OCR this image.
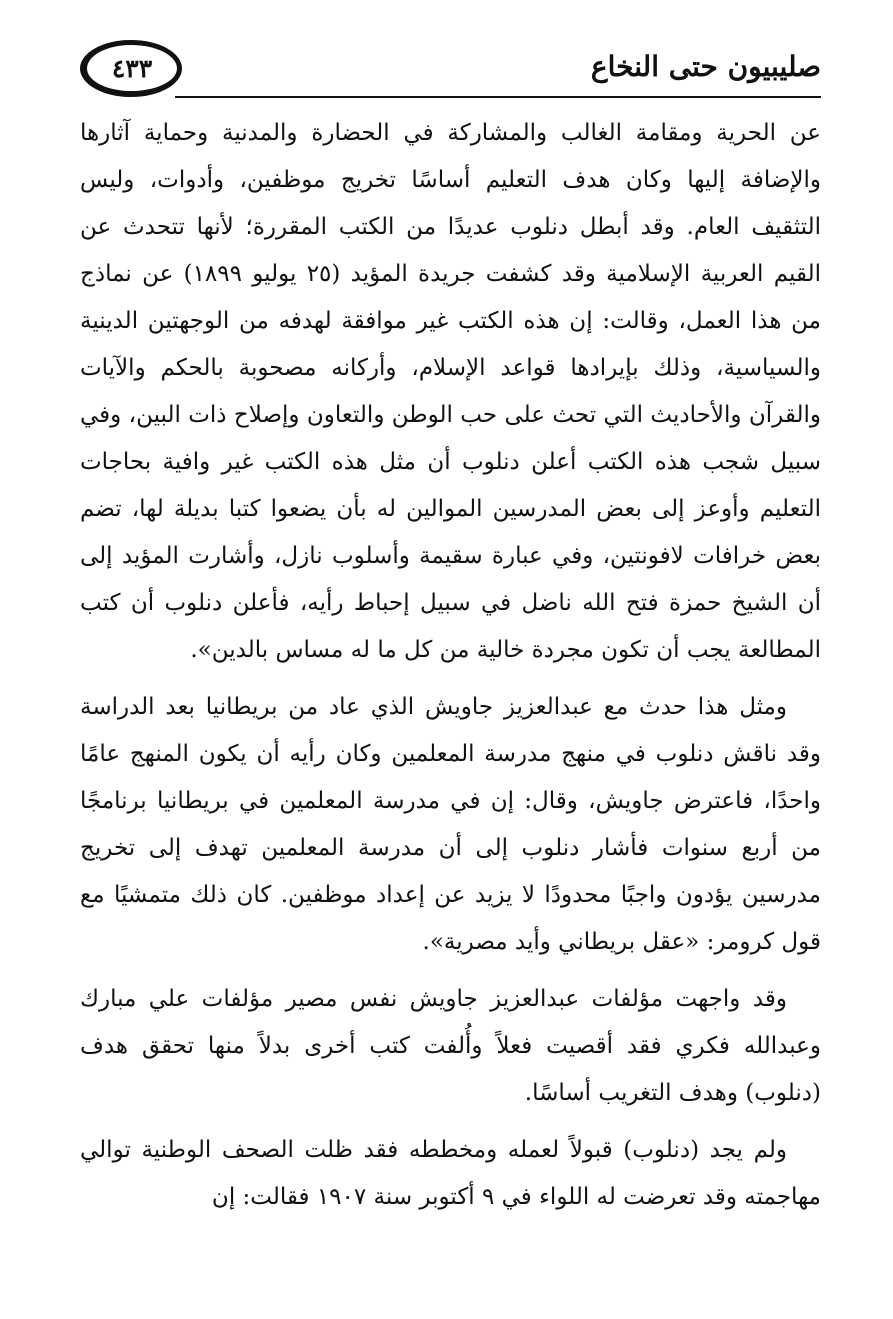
صليبيون حتى النخاع
٤٣٣

عن الحرية ومقامة الغالب والمشاركة في الحضارة والمدنية وحماية آثارها والإضافة إليها وكان هدف التعليم أساسًا تخريج موظفين، وأدوات، وليس التثقيف العام. وقد أبطل دنلوب عديدًا من الكتب المقررة؛ لأنها تتحدث عن القيم العربية الإسلامية وقد كشفت جريدة المؤيد (٢٥ يوليو ١٨٩٩) عن نماذج من هذا العمل، وقالت: إن هذه الكتب غير موافقة لهدفه من الوجهتين الدينية والسياسية، وذلك بإيرادها قواعد الإسلام، وأركانه مصحوبة بالحكم والآيات والقرآن والأحاديث التي تحث على حب الوطن والتعاون وإصلاح ذات البين، وفي سبيل شجب هذه الكتب أعلن دنلوب أن مثل هذه الكتب غير وافية بحاجات التعليم وأوعز إلى بعض المدرسين الموالين له بأن يضعوا كتبا بديلة لها، تضم بعض خرافات لافونتين، وفي عبارة سقيمة وأسلوب نازل، وأشارت المؤيد إلى أن الشيخ حمزة فتح الله ناضل في سبيل إحباط رأيه، فأعلن دنلوب أن كتب المطالعة يجب أن تكون مجردة خالية من كل ما له مساس بالدين».

ومثل هذا حدث مع عبدالعزيز جاويش الذي عاد من بريطانيا بعد الدراسة وقد ناقش دنلوب في منهج مدرسة المعلمين وكان رأيه أن يكون المنهج عامًا واحدًا، فاعترض جاويش، وقال: إن في مدرسة المعلمين في بريطانيا برنامجًا من أربع سنوات فأشار دنلوب إلى أن مدرسة المعلمين تهدف إلى تخريج مدرسين يؤدون واجبًا محدودًا لا يزيد عن إعداد موظفين. كان ذلك متمشيًا مع قول كرومر: «عقل بريطاني وأيد مصرية».

وقد واجهت مؤلفات عبدالعزيز جاويش نفس مصير مؤلفات علي مبارك وعبدالله فكري فقد أقصيت فعلاً وأُلفت كتب أخرى بدلاً منها تحقق هدف (دنلوب) وهدف التغريب أساسًا.

ولم يجد (دنلوب) قبولاً لعمله ومخططه فقد ظلت الصحف الوطنية توالي مهاجمته وقد تعرضت له اللواء في ٩ أكتوبر سنة ١٩٠٧ فقالت: إن
